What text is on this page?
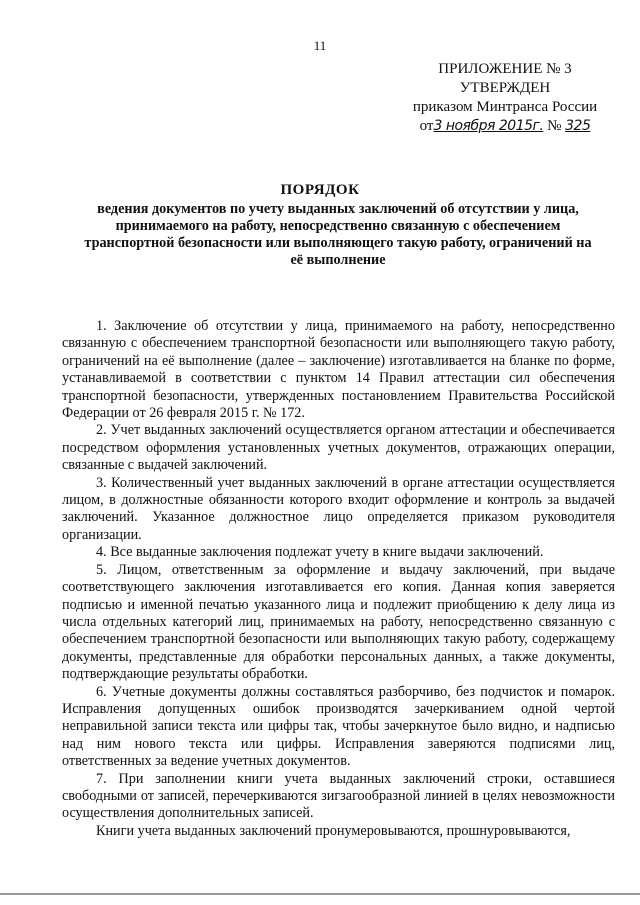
11
ПРИЛОЖЕНИЕ № 3
УТВЕРЖДЕН
приказом Минтранса России
от3 ноября 2015г. № 325
ПОРЯДОК
ведения документов по учету выданных заключений об отсутствии у лица, принимаемого на работу, непосредственно связанную с обеспечением транспортной безопасности или выполняющего такую работу, ограничений на её выполнение

1. Заключение об отсутствии у лица, принимаемого на работу, непосредственно связанную с обеспечением транспортной безопасности или выполняющего такую работу, ограничений на её выполнение (далее – заключение) изготавливается на бланке по форме, устанавливаемой в соответствии с пунктом 14 Правил аттестации сил обеспечения транспортной безопасности, утвержденных постановлением Правительства Российской Федерации от 26 февраля 2015 г. № 172.

2. Учет выданных заключений осуществляется органом аттестации и обеспечивается посредством оформления установленных учетных документов, отражающих операции, связанные с выдачей заключений.

3. Количественный учет выданных заключений в органе аттестации осуществляется лицом, в должностные обязанности которого входит оформление и контроль за выдачей заключений. Указанное должностное лицо определяется приказом руководителя организации.

4. Все выданные заключения подлежат учету в книге выдачи заключений.

5. Лицом, ответственным за оформление и выдачу заключений, при выдаче соответствующего заключения изготавливается его копия. Данная копия заверяется подписью и именной печатью указанного лица и подлежит приобщению к делу лица из числа отдельных категорий лиц, принимаемых на работу, непосредственно связанную с обеспечением транспортной безопасности или выполняющих такую работу, содержащему документы, представленные для обработки персональных данных, а также документы, подтверждающие результаты обработки.

6. Учетные документы должны составляться разборчиво, без подчисток и помарок. Исправления допущенных ошибок производятся зачеркиванием одной чертой неправильной записи текста или цифры так, чтобы зачеркнутое было видно, и надписью над ним нового текста или цифры. Исправления заверяются подписями лиц, ответственных за ведение учетных документов.

7. При заполнении книги учета выданных заключений строки, оставшиеся свободными от записей, перечеркиваются зигзагообразной линией в целях невозможности осуществления дополнительных записей.

Книги учета выданных заключений пронумеровываются, прошнуровываются,
